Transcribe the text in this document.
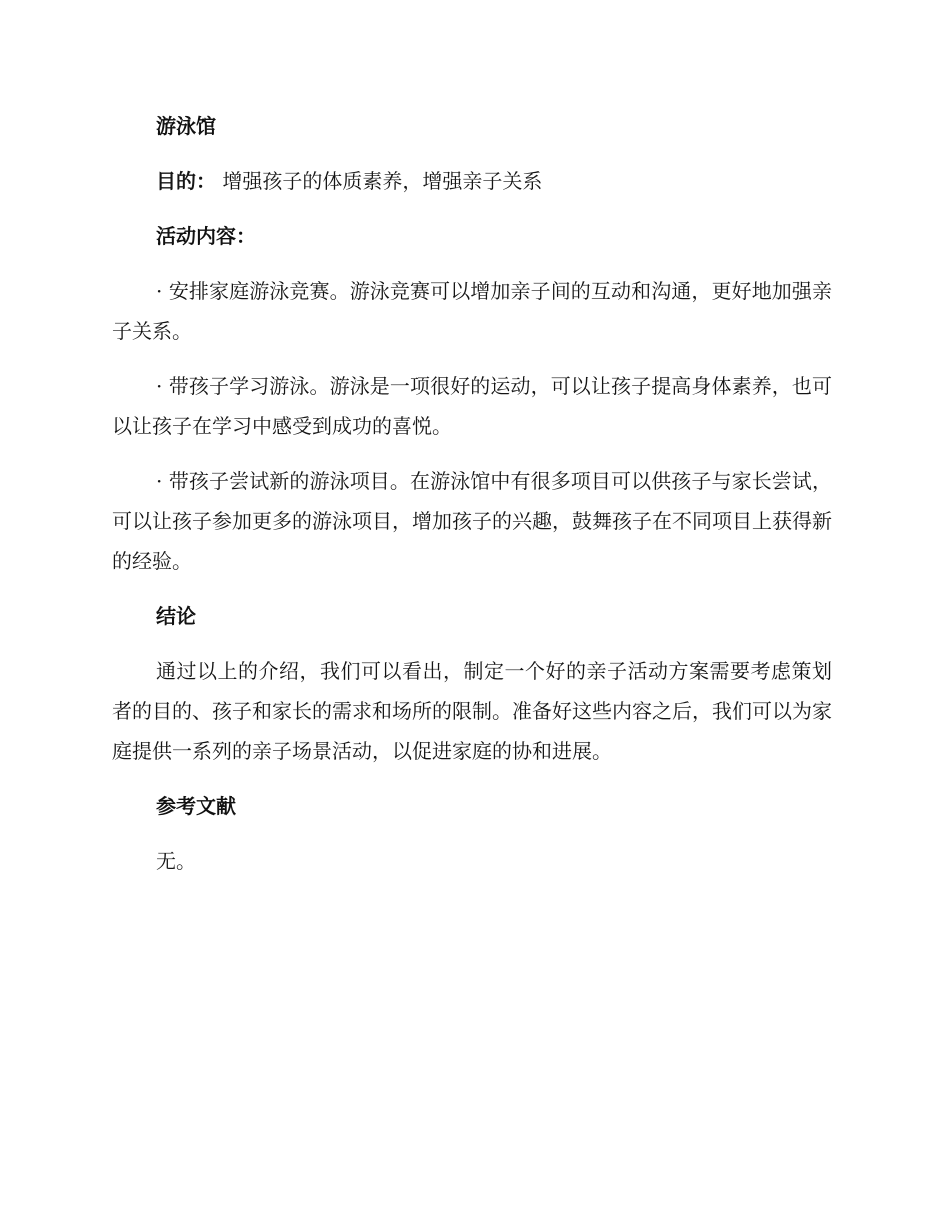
游泳馆
目的： 增强孩子的体质素养，增强亲子关系
活动内容：
· 安排家庭游泳竞赛。游泳竞赛可以增加亲子间的互动和沟通，更好地加强亲子关系。
· 带孩子学习游泳。游泳是一项很好的运动，可以让孩子提高身体素养，也可以让孩子在学习中感受到成功的喜悦。
· 带孩子尝试新的游泳项目。在游泳馆中有很多项目可以供孩子与家长尝试，可以让孩子参加更多的游泳项目，增加孩子的兴趣，鼓舞孩子在不同项目上获得新的经验。
结论
通过以上的介绍，我们可以看出，制定一个好的亲子活动方案需要考虑策划者的目的、孩子和家长的需求和场所的限制。准备好这些内容之后，我们可以为家庭提供一系列的亲子场景活动，以促进家庭的协和进展。
参考文献
无。
